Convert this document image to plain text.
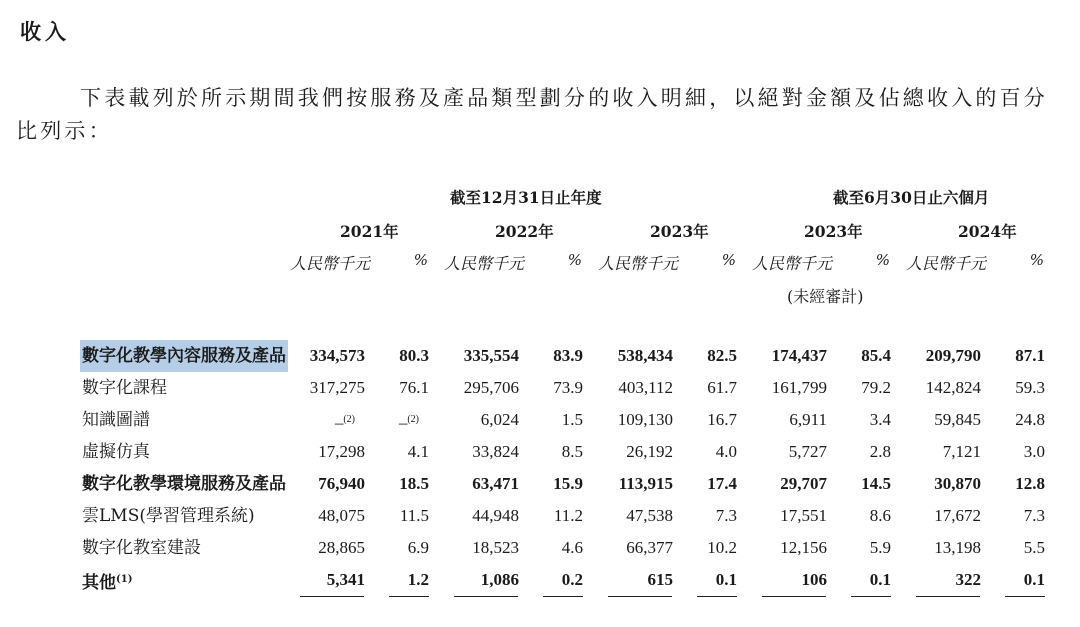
收入

下表載列於所示期間我們按服務及產品類型劃分的收入明細，以絕對金額及佔總收入的百分比列示：

截至12月31日止年度	截至6月30日止六個月
2021年	2022年	2023年	2023年	2024年
人民幣千元	% 人民幣千元	% 人民幣千元	% 人民幣千元	% 人民幣千元	%
(未經審計)
數字化教學內容服務及產品 334,573 80.3 335,554 83.9 538,434 82.5 174,437 85.4 209,790 87.1
數字化課程	317,275 76.1 295,706 73.9 403,112 61.7 161,799 79.2 142,824 59.3
知識圖譜	–$^{(2)}$	–$^{(2)}$	6,024	1.5 109,130 16.7	6,911	3.4	59,845 24.8
虛擬仿真	17,298	4.1	33,824	8.5	26,192	4.0	5,727	2.8	7,121	3.0
數字化教學環境服務及產品 76,940 18.5	63,471 15.9 113,915 17.4	29,707 14.5	30,870 12.8
雲LMS(學習管理系統)	48,075 11.5	44,948 11.2	47,538	7.3	17,551	8.6	17,672	7.3
數字化教室建設	28,865	6.9	18,523	4.6	66,377 10.2	12,156	5.9	13,198	5.5
其他$^{(1)}$	5,341	1.2	1,086	0.2	615	0.1	106	0.1	322	0.1
